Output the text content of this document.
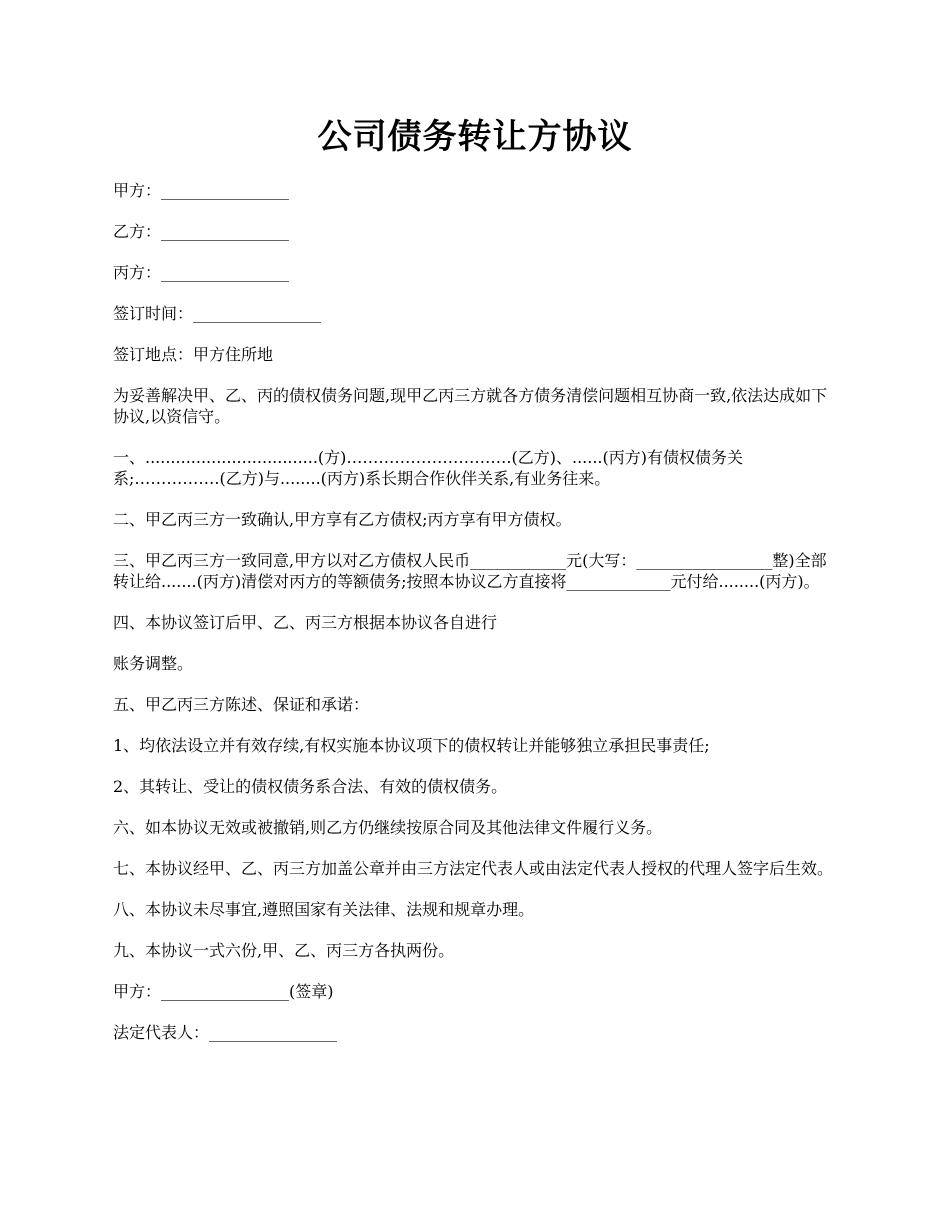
公司债务转让方协议

甲方：________________

乙方：________________

丙方：________________

签订时间：________________

签订地点：甲方住所地

为妥善解决甲、乙、丙的债权债务问题,现甲乙丙三方就各方债务清偿问题相互协商一致,依法达成如下协议,以资信守。

一、..................................(方)………………………….(乙方)、......(丙方)有债权债务关系;…………….(乙方)与........(丙方)系长期合作伙伴关系,有业务往来。

二、甲乙丙三方一致确认,甲方享有乙方债权;丙方享有甲方债权。

三、甲乙丙三方一致同意,甲方以对乙方债权人民币____________元(大写：_________________整)全部转让给.......(丙方)清偿对丙方的等额债务;按照本协议乙方直接将_____________元付给........(丙方)。

四、本协议签订后甲、乙、丙三方根据本协议各自进行

账务调整。

五、甲乙丙三方陈述、保证和承诺：

1、均依法设立并有效存续,有权实施本协议项下的债权转让并能够独立承担民事责任;

2、其转让、受让的债权债务系合法、有效的债权债务。

六、如本协议无效或被撤销,则乙方仍继续按原合同及其他法律文件履行义务。

七、本协议经甲、乙、丙三方加盖公章并由三方法定代表人或由法定代表人授权的代理人签字后生效。

八、本协议未尽事宜,遵照国家有关法律、法规和规章办理。

九、本协议一式六份,甲、乙、丙三方各执两份。

甲方：________________(签章)

法定代表人：________________
